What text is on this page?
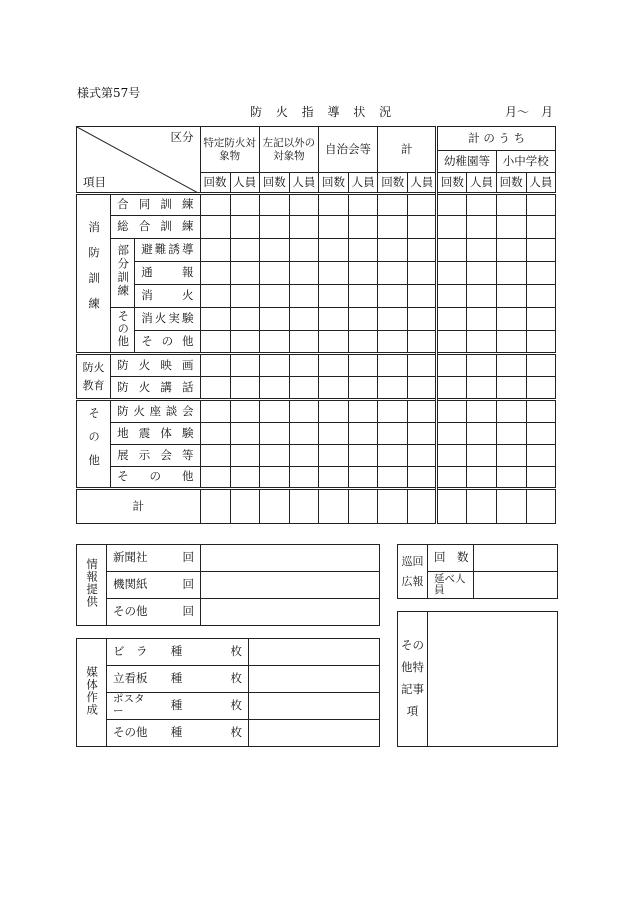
様式第57号
防 火 指 導 状 況	月～　月
区分
項目			特定防火対象物		左記以外の対象物		自治会等		計		計 の う ち			
											幼稚園等		小中学校	
			回数	人員	回数	人員	回数	人員	回数	人員	回数	人員	回数	人員
消防訓練	合 同 訓 練													
	総 合 訓 練													
	部分訓練	避難誘導												
		通　報												
		消　火												
	その他	消火実験												
		そ の 他												
防火教育	防 火 映 画													
	防 火 講 話													
その他	防火座談会													
	地 震 体 験													
	展 示 会 等													
	そ　の　他													
計														
情報提供	新聞社	回	
	機関紙	回	
	その他	回	
媒体作成	ビ　ラ	種	枚	
	立看板	種	枚	
	ポスター	種	枚	
	その他	種	枚	
巡回広報	回　数	
	延べ人員	
その他特記事項	
